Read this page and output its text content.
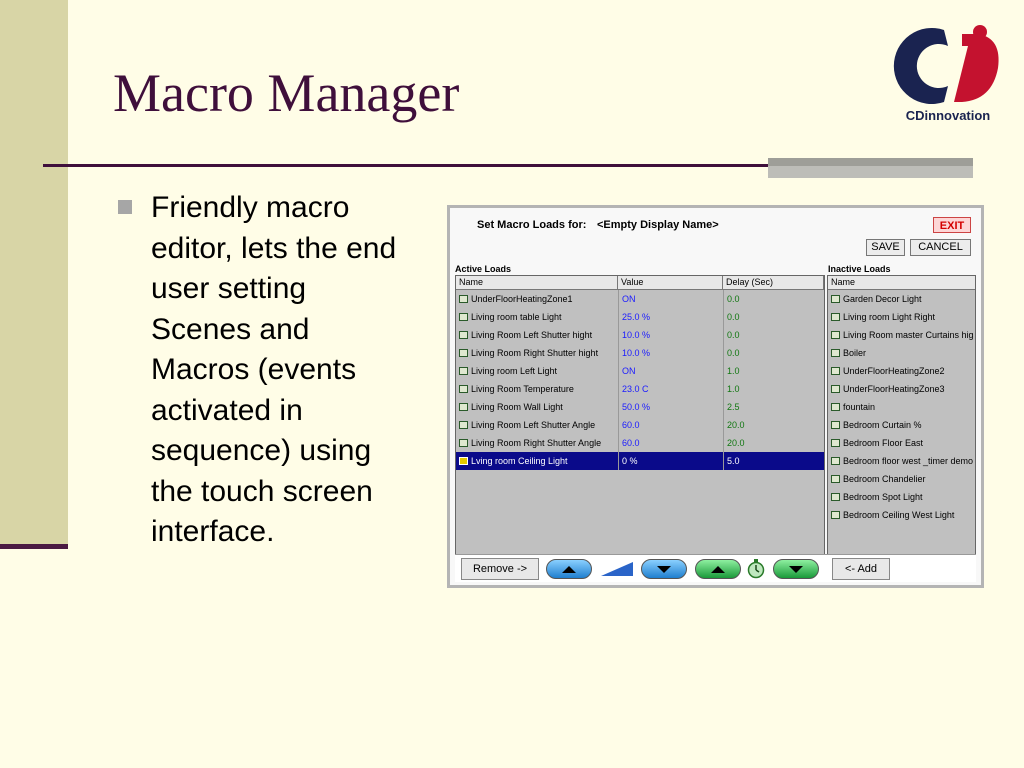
Macro Manager	CDinnovation
Friendly macro editor, lets the end user setting Scenes and Macros (events activated in sequence) using the touch screen interface.
Set Macro Loads for: <Empty Display Name>	EXIT
SAVE	CANCEL
Active Loads	Inactive Loads
Name	Value	Delay (Sec)
UnderFloorHeatingZone1	ON	0.0
Living room table Light	25.0 %	0.0
Living Room Left Shutter hight	10.0 %	0.0
Living Room Right Shutter hight	10.0 %	0.0
Living room Left Light	ON	1.0
Living Room Temperature	23.0 C	1.0
Living Room Wall Light	50.0 %	2.5
Living Room Left Shutter Angle	60.0	20.0
Living Room Right Shutter Angle	60.0	20.0
Lving room Ceiling Light	0 %	5.0
Name
Garden Decor Light
Living room Light Right
Living Room master Curtains hig
Boiler
UnderFloorHeatingZone2
UnderFloorHeatingZone3
fountain
Bedroom Curtain %
Bedroom Floor East
Bedroom floor west _timer demo
Bedroom Chandelier
Bedroom Spot Light
Bedroom Ceiling West Light
Remove ->	<- Add
